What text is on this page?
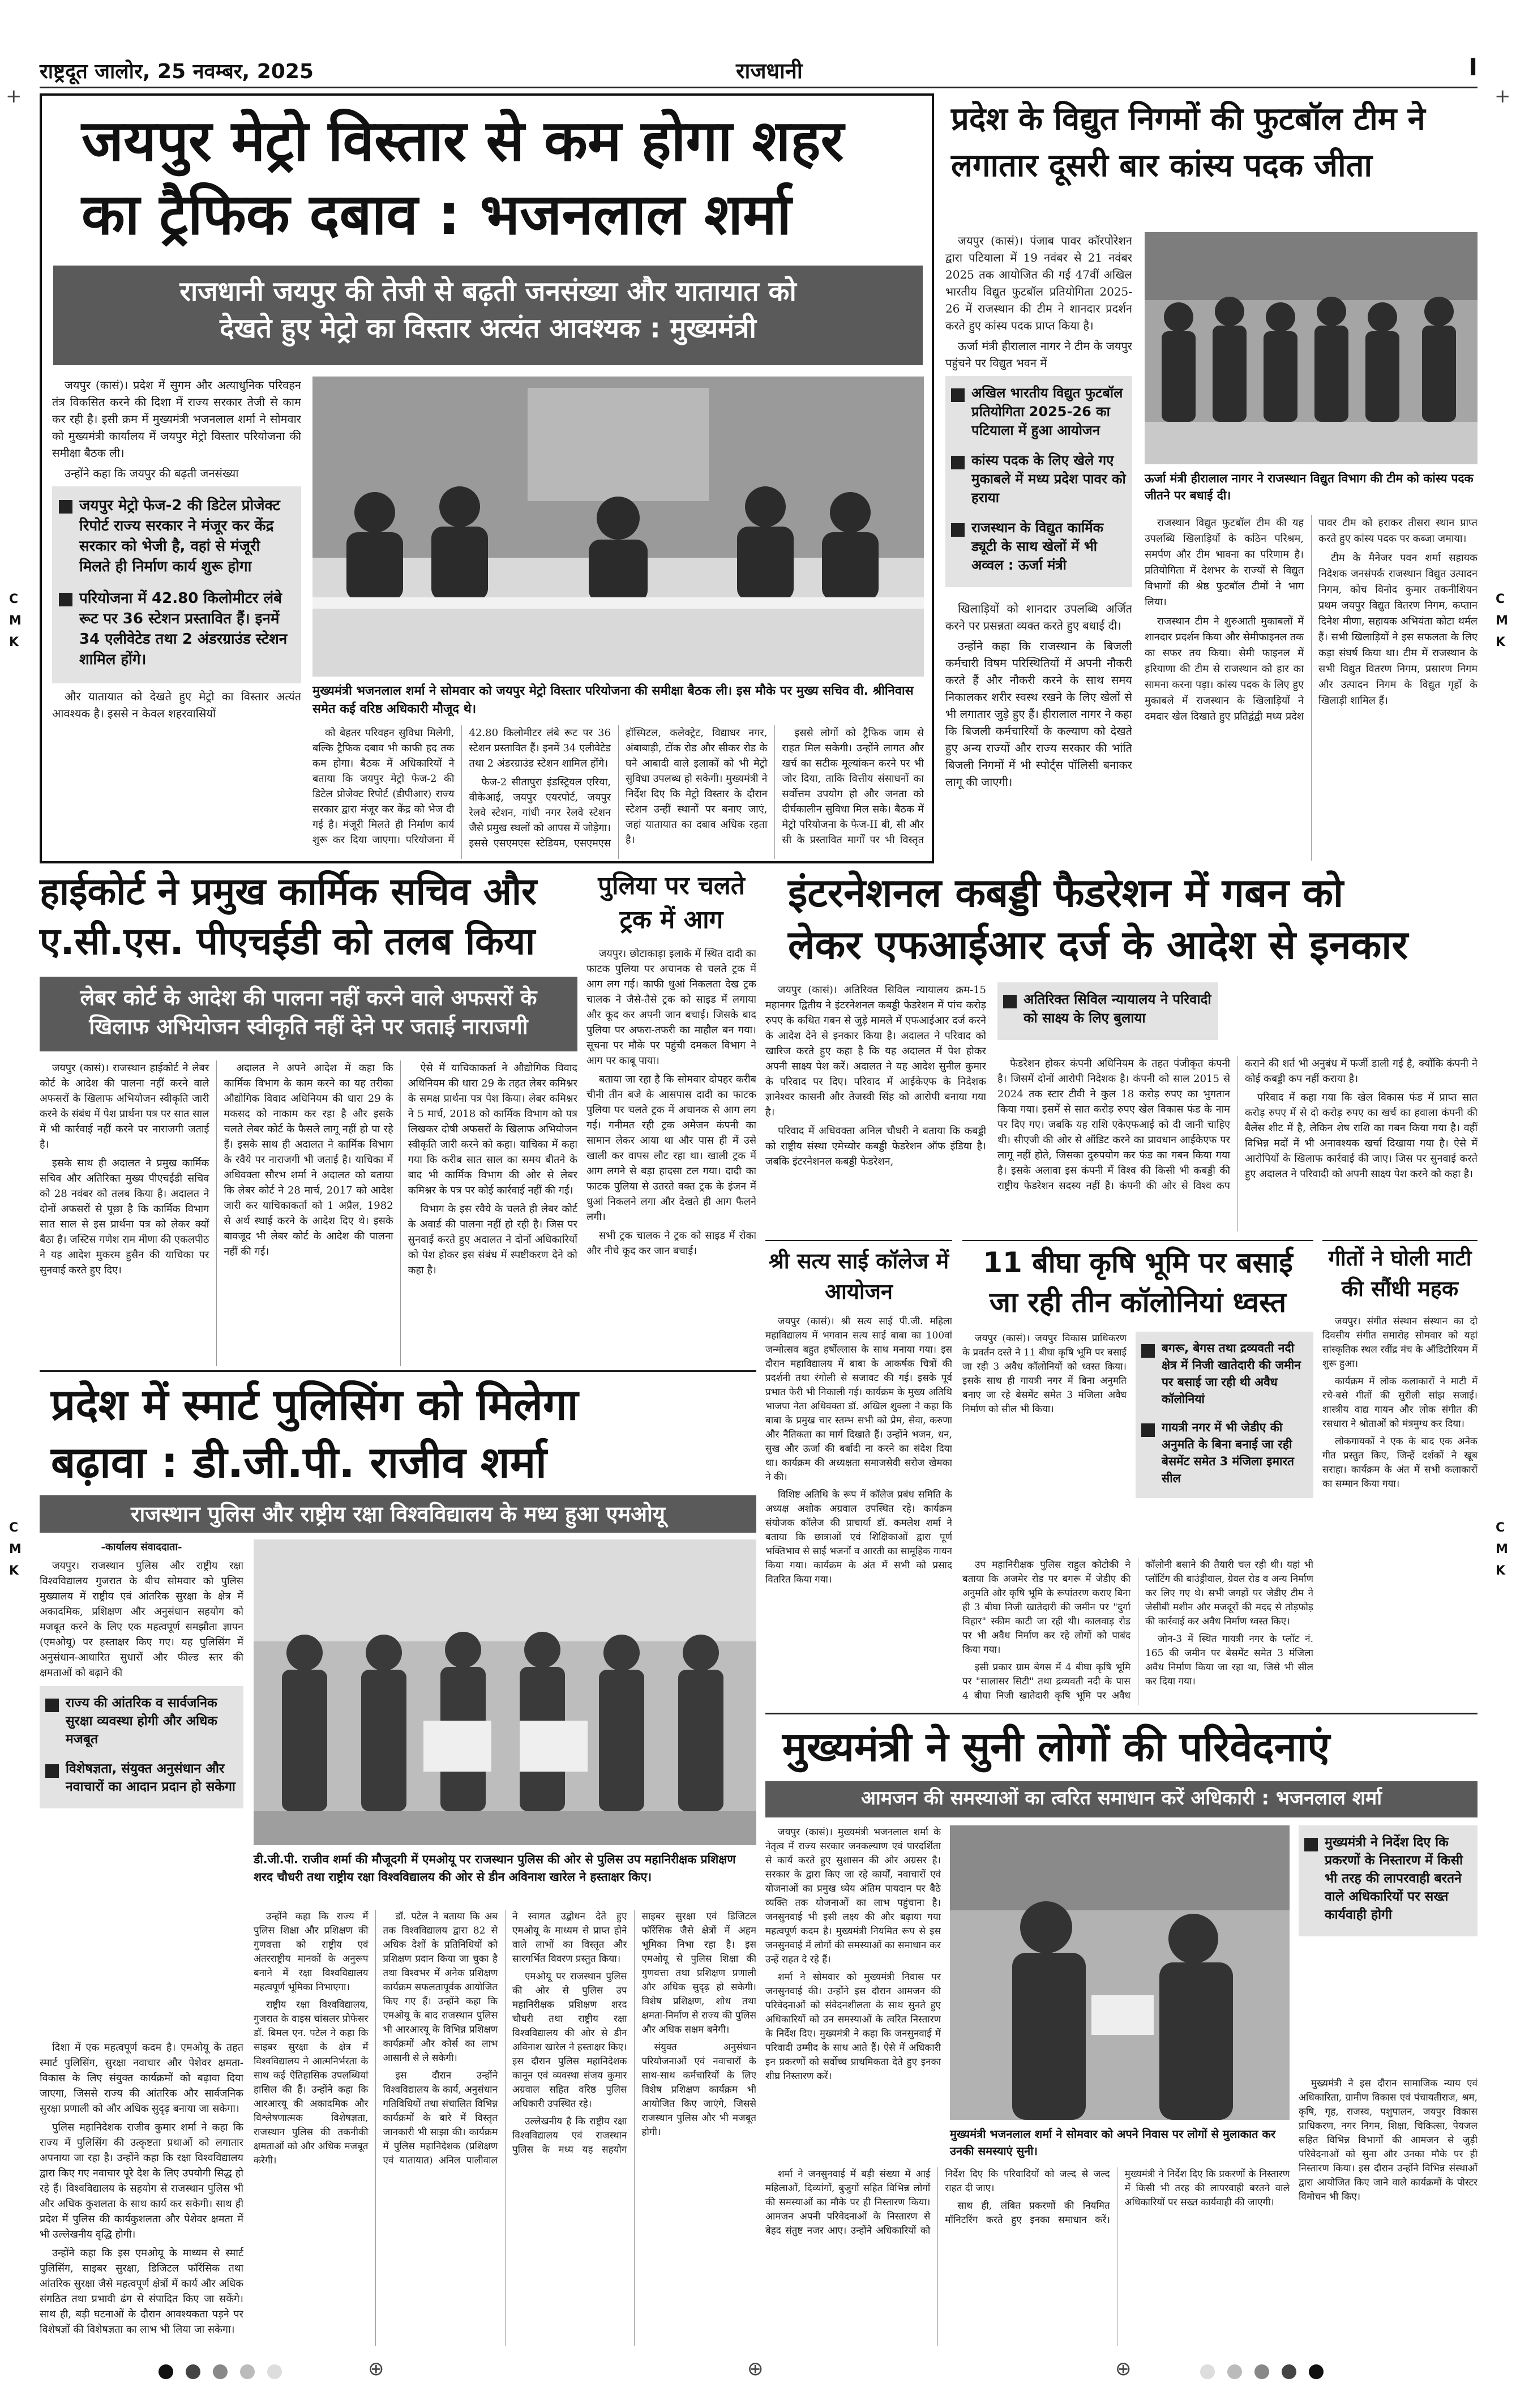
राष्ट्रदूत जालोर, 25 नवम्बर, 2025	राजधानी	I
+	+
C M K
C M K
C M K
C M K
जयपुर मेट्रो विस्तार से कम होगा शहर
का ट्रैफिक दबाव : भजनलाल शर्मा
राजधानी जयपुर की तेजी से बढ़ती जनसंख्या और यातायात को
देखते हुए मेट्रो का विस्तार अत्यंत आवश्यक : मुख्यमंत्री

जयपुर (कासं)। प्रदेश में सुगम और अत्याधुनिक परिवहन तंत्र विकसित करने की दिशा में राज्य सरकार तेजी से काम कर रही है। इसी क्रम में मुख्यमंत्री भजनलाल शर्मा ने सोमवार को मुख्यमंत्री कार्यालय में जयपुर मेट्रो विस्तार परियोजना की समीक्षा बैठक ली।

उन्होंने कहा कि जयपुर की बढ़ती जनसंख्या

जयपुर मेट्रो फेज-2 की डिटेल प्रोजेक्ट रिपोर्ट राज्य सरकार ने मंजूर कर केंद्र सरकार को भेजी है, वहां से मंजूरी मिलते ही निर्माण कार्य शुरू होगा
परियोजना में 42.80 किलोमीटर लंबे रूट पर 36 स्टेशन प्रस्तावित हैं। इनमें 34 एलीवेटेड तथा 2 अंडरग्राउंड स्टेशन शामिल होंगे।

और यातायात को देखते हुए मेट्रो का विस्तार अत्यंत आवश्यक है। इससे न केवल शहरवासियों

मुख्यमंत्री भजनलाल शर्मा ने सोमवार को जयपुर मेट्रो विस्तार परियोजना की समीक्षा बैठक ली। इस मौके पर मुख्य सचिव वी. श्रीनिवास समेत कई वरिष्ठ अधिकारी मौजूद थे।

को बेहतर परिवहन सुविधा मिलेगी, बल्कि ट्रैफिक दबाव भी काफी हद तक कम होगा। बैठक में अधिकारियों ने बताया कि जयपुर मेट्रो फेज-2 की डिटेल प्रोजेक्ट रिपोर्ट (डीपीआर) राज्य सरकार द्वारा मंजूर कर केंद्र को भेज दी गई है। मंजूरी मिलते ही निर्माण कार्य शुरू कर दिया जाएगा। परियोजना में 42.80 किलोमीटर लंबे रूट पर 36 स्टेशन प्रस्तावित हैं। इनमें 34 एलीवेटेड तथा 2 अंडरग्राउंड स्टेशन शामिल होंगे।

फेज-2 सीतापुरा इंडस्ट्रियल एरिया, वीकेआई, जयपुर एयरपोर्ट, जयपुर रेलवे स्टेशन, गांधी नगर रेलवे स्टेशन जैसे प्रमुख स्थलों को आपस में जोड़ेगा। इससे एसएमएस स्टेडियम, एसएमएस हॉस्पिटल, कलेक्ट्रेट, विद्याधर नगर, अंबाबाड़ी, टोंक रोड और सीकर रोड के घने आबादी वाले इलाकों को भी मेट्रो सुविधा उपलब्ध हो सकेगी। मुख्यमंत्री ने निर्देश दिए कि मेट्रो विस्तार के दौरान स्टेशन उन्हीं स्थानों पर बनाए जाएं, जहां यातायात का दबाव अधिक रहता है।

इससे लोगों को ट्रैफिक जाम से राहत मिल सकेगी। उन्होंने लागत और खर्च का सटीक मूल्यांकन करने पर भी जोर दिया, ताकि वित्तीय संसाधनों का सर्वोत्तम उपयोग हो और जनता को दीर्घकालीन सुविधा मिल सके। बैठक में मेट्रो परियोजना के फेज-II बी, सी और सी के प्रस्तावित मार्गों पर भी विस्तृत

प्रदेश के विद्युत निगमों की फुटबॉल टीम ने लगातार दूसरी बार कांस्य पदक जीता

जयपुर (कासं)। पंजाब पावर कॉरपोरेशन द्वारा पटियाला में 19 नवंबर से 21 नवंबर 2025 तक आयोजित की गई 47वीं अखिल भारतीय विद्युत फुटबॉल प्रतियोगिता 2025-26 में राजस्थान की टीम ने शानदार प्रदर्शन करते हुए कांस्य पदक प्राप्त किया है।

ऊर्जा मंत्री हीरालाल नागर ने टीम के जयपुर पहुंचने पर विद्युत भवन में

अखिल भारतीय विद्युत फुटबॉल प्रतियोगिता 2025-26 का पटियाला में हुआ आयोजन
कांस्य पदक के लिए खेले गए मुकाबले में मध्य प्रदेश पावर को हराया
राजस्थान के विद्युत कार्मिक ड्यूटी के साथ खेलों में भी अव्वल : ऊर्जा मंत्री
ऊर्जा मंत्री हीरालाल नागर ने राजस्थान विद्युत विभाग की टीम को कांस्य पदक जीतने पर बधाई दी।

खिलाड़ियों को शानदार उपलब्धि अर्जित करने पर प्रसन्नता व्यक्त करते हुए बधाई दी।

उन्होंने कहा कि राजस्थान के बिजली कर्मचारी विषम परिस्थितियों में अपनी नौकरी करते हैं और नौकरी करने के साथ समय निकालकर शरीर स्वस्थ रखने के लिए खेलों से भी लगातार जुड़े हुए हैं। हीरालाल नागर ने कहा कि बिजली कर्मचारियों के कल्याण को देखते हुए अन्य राज्यों और राज्य सरकार की भांति बिजली निगमों में भी स्पोर्ट्स पॉलिसी बनाकर लागू की जाएगी।

राजस्थान विद्युत फुटबॉल टीम की यह उपलब्धि खिलाड़ियों के कठिन परिश्रम, समर्पण और टीम भावना का परिणाम है। प्रतियोगिता में देशभर के राज्यों से विद्युत विभागों की श्रेष्ठ फुटबॉल टीमों ने भाग लिया।

राजस्थान टीम ने शुरुआती मुकाबलों में शानदार प्रदर्शन किया और सेमीफाइनल तक का सफर तय किया। सेमी फाइनल में हरियाणा की टीम से राजस्थान को हार का सामना करना पड़ा। कांस्य पदक के लिए हुए मुकाबले में राजस्थान के खिलाड़ियों ने दमदार खेल दिखाते हुए प्रतिद्वंद्वी मध्य प्रदेश पावर टीम को हराकर तीसरा स्थान प्राप्त करते हुए कांस्य पदक पर कब्जा जमाया।

टीम के मैनेजर पवन शर्मा सहायक निदेशक जनसंपर्क राजस्थान विद्युत उत्पादन निगम, कोच विनोद कुमार तकनीशियन प्रथम जयपुर विद्युत वितरण निगम, कप्तान दिनेश मीणा, सहायक अभियंता कोटा थर्मल हैं। सभी खिलाड़ियों ने इस सफलता के लिए कड़ा संघर्ष किया था। टीम में राजस्थान के सभी विद्युत वितरण निगम, प्रसारण निगम और उत्पादन निगम के विद्युत गृहों के खिलाड़ी शामिल हैं।

हाईकोर्ट ने प्रमुख कार्मिक सचिव और
ए.सी.एस. पीएचईडी को तलब किया
लेबर कोर्ट के आदेश की पालना नहीं करने वाले अफसरों के
खिलाफ अभियोजन स्वीकृति नहीं देने पर जताई नाराजगी

जयपुर (कासं)। राजस्थान हाईकोर्ट ने लेबर कोर्ट के आदेश की पालना नहीं करने वाले अफसरों के खिलाफ अभियोजन स्वीकृति जारी करने के संबंध में पेश प्रार्थना पत्र पर सात साल में भी कार्रवाई नहीं करने पर नाराजगी जताई है।

इसके साथ ही अदालत ने प्रमुख कार्मिक सचिव और अतिरिक्त मुख्य पीएचईडी सचिव को 28 नवंबर को तलब किया है। अदालत ने दोनों अफसरों से पूछा है कि कार्मिक विभाग सात साल से इस प्रार्थना पत्र को लेकर क्यों बैठा है। जस्टिस गणेश राम मीणा की एकलपीठ ने यह आदेश मुकरम हुसैन की याचिका पर सुनवाई करते हुए दिए।

अदालत ने अपने आदेश में कहा कि कार्मिक विभाग के काम करने का यह तरीका औद्योगिक विवाद अधिनियम की धारा 29 के मकसद को नाकाम कर रहा है और इसके चलते लेबर कोर्ट के फैसले लागू नहीं हो पा रहे हैं। इसके साथ ही अदालत ने कार्मिक विभाग के रवैये पर नाराजगी भी जताई है। याचिका में अधिवक्ता सौरभ शर्मा ने अदालत को बताया कि लेबर कोर्ट ने 28 मार्च, 2017 को आदेश जारी कर याचिकाकर्ता को 1 अप्रैल, 1982 से अर्थ स्थाई करने के आदेश दिए थे। इसके बावजूद भी लेबर कोर्ट के आदेश की पालना नहीं की गई।

ऐसे में याचिकाकर्ता ने औद्योगिक विवाद अधिनियम की धारा 29 के तहत लेबर कमिश्नर के समक्ष प्रार्थना पत्र पेश किया। लेबर कमिश्नर ने 5 मार्च, 2018 को कार्मिक विभाग को पत्र लिखकर दोषी अफसरों के खिलाफ अभियोजन स्वीकृति जारी करने को कहा। याचिका में कहा गया कि करीब सात साल का समय बीतने के बाद भी कार्मिक विभाग की ओर से लेबर कमिश्नर के पत्र पर कोई कार्रवाई नहीं की गई।

विभाग के इस रवैये के चलते ही लेबर कोर्ट के अवार्ड की पालना नहीं हो रही है। जिस पर सुनवाई करते हुए अदालत ने दोनों अधिकारियों को पेश होकर इस संबंध में स्पष्टीकरण देने को कहा है।

पुलिया पर चलते ट्रक में आग

जयपुर। छोटाकाड़ा इलाके में स्थित दादी का फाटक पुलिया पर अचानक से चलते ट्रक में आग लग गई। काफी धुआं निकलता देख ट्रक चालक ने जैसे-तैसे ट्रक को साइड में लगाया और कूद कर अपनी जान बचाई। जिसके बाद पुलिया पर अफरा-तफरी का माहौल बन गया। सूचना पर मौके पर पहुंची दमकल विभाग ने आग पर काबू पाया।

बताया जा रहा है कि सोमवार दोपहर करीब चीनी तीन बजे के आसपास दादी का फाटक पुलिया पर चलते ट्रक में अचानक से आग लग गई। गनीमत रही ट्रक अमेजन कंपनी का सामान लेकर आया था और पास ही में उसे खाली कर वापस लौट रहा था। खाली ट्रक में आग लगने से बड़ा हादसा टल गया। दादी का फाटक पुलिया से उतरते वक्त ट्रक के इंजन में धुआं निकलने लगा और देखते ही आग फैलने लगी।

सभी ट्रक चालक ने ट्रक को साइड में रोका और नीचे कूद कर जान बचाई।

इंटरनेशनल कबड्डी फैडरेशन में गबन को
लेकर एफआईआर दर्ज के आदेश से इनकार

जयपुर (कासं)। अतिरिक्त सिविल न्यायालय क्रम-15 महानगर द्वितीय ने इंटरनेशनल कबड्डी फेडरेशन में पांच करोड़ रुपए के कथित गबन से जुड़े मामले में एफआईआर दर्ज करने के आदेश देने से इनकार किया है। अदालत ने परिवाद को खारिज करते हुए कहा है कि यह अदालत में पेश होकर अपनी साक्ष्य पेश करें। अदालत ने यह आदेश सुनील कुमार के परिवाद पर दिए। परिवाद में आईकेएफ के निदेशक ज्ञानेश्वर कासनी और तेजस्वी सिंह को आरोपी बनाया गया है।

परिवाद में अधिवक्ता अनिल चौधरी ने बताया कि कबड्डी को राष्ट्रीय संस्था एमेच्योर कबड्डी फेडरेशन ऑफ इंडिया है। जबकि इंटरनेशनल कबड्डी फेडरेशन,

अतिरिक्त सिविल न्यायालय ने परिवादी को साक्ष्य के लिए बुलाया

फेडरेशन होकर कंपनी अधिनियम के तहत पंजीकृत कंपनी है। जिसमें दोनों आरोपी निदेशक है। कंपनी को साल 2015 से 2024 तक स्टार टीवी ने कुल 18 करोड़ रुपए का भुगतान किया गया। इसमें से सात करोड़ रुपए खेल विकास फंड के नाम पर दिए गए। जबकि यह राशि एकेएफआई को दी जानी चाहिए थी। सीएजी की ओर से ऑडिट करने का प्रावधान आईकेएफ पर लागू नहीं होते, जिसका दुरुपयोग कर फंड का गबन किया गया है। इसके अलावा इस कंपनी में विश्व की किसी भी कबड्डी की राष्ट्रीय फेडरेशन सदस्य नहीं है। कंपनी की ओर से विश्व कप कराने की शर्त भी अनुबंध में फर्जी डाली गई है, क्योंकि कंपनी ने कोई कबड्डी कप नहीं कराया है।

परिवाद में कहा गया कि खेल विकास फंड में प्राप्त सात करोड़ रुपए में से दो करोड़ रुपए का खर्च का हवाला कंपनी की बैलेंस शीट में है, लेकिन शेष राशि का गबन किया गया है। वहीं विभिन्न मदों में भी अनावश्यक खर्चा दिखाया गया है। ऐसे में आरोपियों के खिलाफ कार्रवाई की जाए। जिस पर सुनवाई करते हुए अदालत ने परिवादी को अपनी साक्ष्य पेश करने को कहा है।

श्री सत्य साई कॉलेज में आयोजन

जयपुर (कासं)। श्री सत्य साई पी.जी. महिला महाविद्यालय में भगवान सत्य साई बाबा का 100वां जन्मोत्सव बहुत हर्षोल्लास के साथ मनाया गया। इस दौरान महाविद्यालय में बाबा के आकर्षक चित्रों की प्रदर्शनी तथा रंगोली से सजावट की गई। इसके पूर्व प्रभात फेरी भी निकाली गई। कार्यक्रम के मुख्य अतिथि भाजपा नेता अधिवक्ता डॉ. अखिल शुक्ला ने कहा कि बाबा के प्रमुख चार स्तम्भ सभी को प्रेम, सेवा, करुणा और नैतिकता का मार्ग दिखाते हैं। उन्होंने भजन, धन, सुख और ऊर्जा की बर्बादी ना करने का संदेश दिया था। कार्यक्रम की अध्यक्षता समाजसेवी सरोज खेमका ने की।

विशिष्ट अतिथि के रूप में कॉलेज प्रबंध समिति के अध्यक्ष अशोक अग्रवाल उपस्थित रहे। कार्यक्रम संयोजक कॉलेज की प्राचार्या डॉ. कमलेश शर्मा ने बताया कि छात्राओं एवं शिक्षिकाओं द्वारा पूर्ण भक्तिभाव से साईं भजनों व आरती का सामूहिक गायन किया गया। कार्यक्रम के अंत में सभी को प्रसाद वितरित किया गया।

11 बीघा कृषि भूमि पर बसाई
जा रही तीन कॉलोनियां ध्वस्त

जयपुर (कासं)। जयपुर विकास प्राधिकरण के प्रवर्तन दस्ते ने 11 बीघा कृषि भूमि पर बसाई जा रही 3 अवैध कॉलोनियों को ध्वस्त किया। इसके साथ ही गायत्री नगर में बिना अनुमति बनाए जा रहे बेसमेंट समेत 3 मंजिला अवैध निर्माण को सील भी किया।

बगरू, बेगस तथा द्रव्यवती नदी क्षेत्र में निजी खातेदारी की जमीन पर बसाई जा रही थी अवैध कॉलोनियां
गायत्री नगर में भी जेडीए की अनुमति के बिना बनाई जा रही बेसमेंट समेत 3 मंजिला इमारत सील

उप महानिरीक्षक पुलिस राहुल कोटोकी ने बताया कि अजमेर रोड पर बगरू में जेडीए की अनुमति और कृषि भूमि के रूपांतरण कराए बिना ही 3 बीघा निजी खातेदारी की जमीन पर "दुर्गा विहार" स्कीम काटी जा रही थी। कालवाड़ रोड पर भी अवैध निर्माण कर रहे लोगों को पाबंद किया गया।

इसी प्रकार ग्राम बेगस में 4 बीघा कृषि भूमि पर "सालासर सिटी" तथा द्रव्यवती नदी के पास 4 बीघा निजी खातेदारी कृषि भूमि पर अवैध कॉलोनी बसाने की तैयारी चल रही थी। यहां भी प्लॉटिंग की बाउंड्रीवाल, ग्रेवल रोड व अन्य निर्माण कर लिए गए थे। सभी जगहों पर जेडीए टीम ने जेसीबी मशीन और मजदूरों की मदद से तोड़फोड़ की कार्रवाई कर अवैध निर्माण ध्वस्त किए।

जोन-3 में स्थित गायत्री नगर के प्लॉट नं. 165 की जमीन पर बेसमेंट समेत 3 मंजिला अवैध निर्माण किया जा रहा था, जिसे भी सील कर दिया गया।

गीतों ने घोली माटी
की सौंधी महक

जयपुर। संगीत संस्थान संस्थान का दो दिवसीय संगीत समारोह सोमवार को यहां सांस्कृतिक स्थल रवींद्र मंच के ऑडिटोरियम में शुरू हुआ।

कार्यक्रम में लोक कलाकारों ने माटी में रचे-बसे गीतों की सुरीली सांझ सजाई। शास्त्रीय वाद्य गायन और लोक संगीत की रसधारा ने श्रोताओं को मंत्रमुग्ध कर दिया।

लोकगायकों ने एक के बाद एक अनेक गीत प्रस्तुत किए, जिन्हें दर्शकों ने खूब सराहा। कार्यक्रम के अंत में सभी कलाकारों का सम्मान किया गया।

प्रदेश में स्मार्ट पुलिसिंग को मिलेगा
बढ़ावा : डी.जी.पी. राजीव शर्मा
राजस्थान पुलिस और राष्ट्रीय रक्षा विश्वविद्यालय के मध्य हुआ एमओयू
-कार्यालय संवाददाता-

जयपुर। राजस्थान पुलिस और राष्ट्रीय रक्षा विश्वविद्यालय गुजरात के बीच सोमवार को पुलिस मुख्यालय में राष्ट्रीय एवं आंतरिक सुरक्षा के क्षेत्र में अकादमिक, प्रशिक्षण और अनुसंधान सहयोग को मजबूत करने के लिए एक महत्वपूर्ण समझौता ज्ञापन (एमओयू) पर हस्ताक्षर किए गए। यह पुलिसिंग में अनुसंधान-आधारित सुधारों और फील्ड स्तर की क्षमताओं को बढ़ाने की

राज्य की आंतरिक व सार्वजनिक सुरक्षा व्यवस्था होगी और अधिक मजबूत
विशेषज्ञता, संयुक्त अनुसंधान और नवाचारों का आदान प्रदान हो सकेगा
डी.जी.पी. राजीव शर्मा की मौजूदगी में एमओयू पर राजस्थान पुलिस की ओर से पुलिस उप महानिरीक्षक प्रशिक्षण शरद चौधरी तथा राष्ट्रीय रक्षा विश्वविद्यालय की ओर से डीन अविनाश खारेल ने हस्ताक्षर किए।

दिशा में एक महत्वपूर्ण कदम है। एमओयू के तहत स्मार्ट पुलिसिंग, सुरक्षा नवाचार और पेशेवर क्षमता-विकास के लिए संयुक्त कार्यक्रमों को बढ़ावा दिया जाएगा, जिससे राज्य की आंतरिक और सार्वजनिक सुरक्षा प्रणाली को और अधिक सुदृढ़ बनाया जा सकेगा।

पुलिस महानिदेशक राजीव कुमार शर्मा ने कहा कि राज्य में पुलिसिंग की उत्कृष्टता प्रथाओं को लगातार अपनाया जा रहा है। उन्होंने कहा कि रक्षा विश्वविद्यालय द्वारा किए गए नवाचार पूरे देश के लिए उपयोगी सिद्ध हो रहे हैं। विश्वविद्यालय के सहयोग से राजस्थान पुलिस भी और अधिक कुशलता के साथ कार्य कर सकेगी। साथ ही प्रदेश में पुलिस की कार्यकुशलता और पेशेवर क्षमता में भी उल्लेखनीय वृद्धि होगी।

उन्होंने कहा कि इस एमओयू के माध्यम से स्मार्ट पुलिसिंग, साइबर सुरक्षा, डिजिटल फॉरेंसिक तथा आंतरिक सुरक्षा जैसे महत्वपूर्ण क्षेत्रों में कार्य और अधिक संगठित तथा प्रभावी ढंग से संपादित किए जा सकेंगे। साथ ही, बड़ी घटनाओं के दौरान आवश्यकता पड़ने पर विशेषज्ञों की विशेषज्ञता का लाभ भी लिया जा सकेगा।

उन्होंने कहा कि राज्य में पुलिस शिक्षा और प्रशिक्षण की गुणवत्ता को राष्ट्रीय एवं अंतरराष्ट्रीय मानकों के अनुरूप बनाने में रक्षा विश्वविद्यालय महत्वपूर्ण भूमिका निभाएगा।

राष्ट्रीय रक्षा विश्वविद्यालय, गुजरात के वाइस चांसलर प्रोफेसर डॉ. बिमल एन. पटेल ने कहा कि साइबर सुरक्षा के क्षेत्र में विश्वविद्यालय ने आत्मनिर्भरता के साथ कई ऐतिहासिक उपलब्धियां हासिल की हैं। उन्होंने कहा कि आरआरयू की अकादमिक और विश्लेषणात्मक विशेषज्ञता, राजस्थान पुलिस की तकनीकी क्षमताओं को और अधिक मजबूत करेगी।

डॉ. पटेल ने बताया कि अब तक विश्वविद्यालय द्वारा 82 से अधिक देशों के प्रतिनिधियों को प्रशिक्षण प्रदान किया जा चुका है तथा विश्वभर में अनेक प्रशिक्षण कार्यक्रम सफलतापूर्वक आयोजित किए गए हैं। उन्होंने कहा कि एमओयू के बाद राजस्थान पुलिस भी आरआरयू के विभिन्न प्रशिक्षण कार्यक्रमों और कोर्स का लाभ आसानी से ले सकेगी।

इस दौरान उन्होंने विश्वविद्यालय के कार्य, अनुसंधान गतिविधियों तथा संचालित विभिन्न कार्यक्रमों के बारे में विस्तृत जानकारी भी साझा की। कार्यक्रम में पुलिस महानिदेशक (प्रशिक्षण एवं यातायात) अनिल पालीवाल ने स्वागत उद्बोधन देते हुए एमओयू के माध्यम से प्राप्त होने वाले लाभों का विस्तृत और सारगर्भित विवरण प्रस्तुत किया।

एमओयू पर राजस्थान पुलिस की ओर से पुलिस उप महानिरीक्षक प्रशिक्षण शरद चौधरी तथा राष्ट्रीय रक्षा विश्वविद्यालय की ओर से डीन अविनाश खारेल ने हस्ताक्षर किए। इस दौरान पुलिस महानिदेशक कानून एवं व्यवस्था संजय कुमार अग्रवाल सहित वरिष्ठ पुलिस अधिकारी उपस्थित रहे।

उल्लेखनीय है कि राष्ट्रीय रक्षा विश्वविद्यालय एवं राजस्थान पुलिस के मध्य यह सहयोग साइबर सुरक्षा एवं डिजिटल फॉरेंसिक जैसे क्षेत्रों में अहम भूमिका निभा रहा है। इस एमओयू से पुलिस शिक्षा की गुणवत्ता तथा प्रशिक्षण प्रणाली और अधिक सुदृढ़ हो सकेगी। विशेष प्रशिक्षण, शोध तथा क्षमता-निर्माण से राज्य की पुलिस और अधिक सक्षम बनेगी।

संयुक्त अनुसंधान परियोजनाओं एवं नवाचारों के साथ-साथ कर्मचारियों के लिए विशेष प्रशिक्षण कार्यक्रम भी आयोजित किए जाएंगे, जिससे राजस्थान पुलिस और भी मजबूत होगी।

मुख्यमंत्री ने सुनी लोगों की परिवेदनाएं
आमजन की समस्याओं का त्वरित समाधान करें अधिकारी : भजनलाल शर्मा

जयपुर (कासं)। मुख्यमंत्री भजनलाल शर्मा के नेतृत्व में राज्य सरकार जनकल्याण एवं पारदर्शिता से कार्य करते हुए सुशासन की ओर अग्रसर है। सरकार के द्वारा किए जा रहे कार्यों, नवाचारों एवं योजनाओं का प्रमुख ध्येय अंतिम पायदान पर बैठे व्यक्ति तक योजनाओं का लाभ पहुंचाना है। जनसुनवाई भी इसी लक्ष्य की और बढ़ाया गया महत्वपूर्ण कदम है। मुख्यमंत्री नियमित रूप से इस जनसुनवाई में लोगों की समस्याओं का समाधान कर उन्हें राहत दे रहे हैं।

शर्मा ने सोमवार को मुख्यमंत्री निवास पर जनसुनवाई की। उन्होंने इस दौरान आमजन की परिवेदनाओं को संवेदनशीलता के साथ सुनते हुए अधिकारियों को उन समस्याओं के त्वरित निस्तारण के निर्देश दिए। मुख्यमंत्री ने कहा कि जनसुनवाई में परिवादी उम्मीद के साथ आते हैं। ऐसे में अधिकारी इन प्रकरणों को सर्वोच्च प्राथमिकता देते हुए इनका शीघ्र निस्तारण करें।

मुख्यमंत्री भजनलाल शर्मा ने सोमवार को अपने निवास पर लोगों से मुलाकात कर उनकी समस्याएं सुनी।
मुख्यमंत्री ने निर्देश दिए कि प्रकरणों के निस्तारण में किसी भी तरह की लापरवाही बरतने वाले अधिकारियों पर सख्त कार्यवाही होगी

मुख्यमंत्री ने इस दौरान सामाजिक न्याय एवं अधिकारिता, ग्रामीण विकास एवं पंचायतीराज, श्रम, कृषि, गृह, राजस्व, पशुपालन, जयपुर विकास प्राधिकरण, नगर निगम, शिक्षा, चिकित्सा, पेयजल सहित विभिन्न विभागों की आमजन से जुड़ी परिवेदनाओं को सुना और उनका मौके पर ही निस्तारण किया। इस दौरान उन्होंने विभिन्न संस्थाओं द्वारा आयोजित किए जाने वाले कार्यक्रमों के पोस्टर विमोचन भी किए।

शर्मा ने जनसुनवाई में बड़ी संख्या में आई महिलाओं, दिव्यांगों, बुजुर्गों सहित विभिन्न लोगों की समस्याओं का मौके पर ही निस्तारण किया। आमजन अपनी परिवेदनाओं के निस्तारण से बेहद संतुष्ट नजर आए। उन्होंने अधिकारियों को निर्देश दिए कि परिवादियों को जल्द से जल्द राहत दी जाए।

साथ ही, लंबित प्रकरणों की नियमित मॉनिटरिंग करते हुए इनका समाधान करें। मुख्यमंत्री ने निर्देश दिए कि प्रकरणों के निस्तारण में किसी भी तरह की लापरवाही बरतने वाले अधिकारियों पर सख्त कार्यवाही की जाएगी।

⊕	⊕	⊕
